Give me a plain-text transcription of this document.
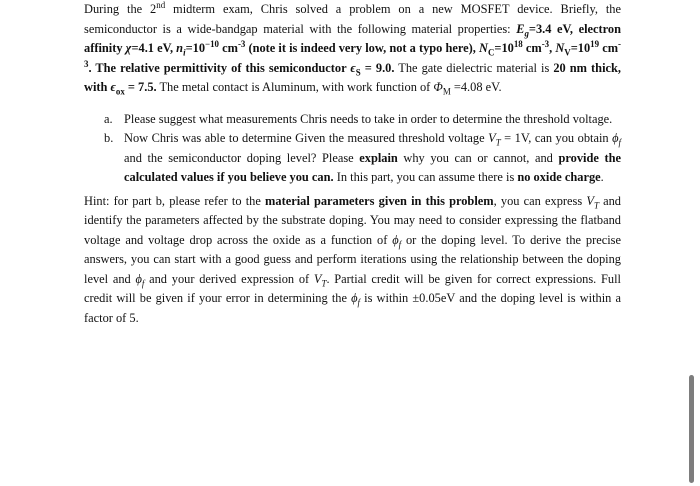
During the 2nd midterm exam, Chris solved a problem on a new MOSFET device. Briefly, the semiconductor is a wide-bandgap material with the following material properties: $E_g=3.4$ eV, electron affinity χ=4.1 eV, $n_i=10^{-10}$ $cm^{-3}$ (note it is indeed very low, not a typo here), $N_C=10^{18}$ $cm^{-3}$, $N_V=10^{19}$ $cm^{-3}$. The relative permittivity of this semiconductor $\epsilon_S = 9.0$. The gate dielectric material is 20 nm thick, with $\epsilon_{ox} = 7.5$. The metal contact is Aluminum, with work function of $\Phi_M =4.08$ eV.

a. Please suggest what measurements Chris needs to take in order to determine the threshold voltage.
b. Now Chris was able to determine Given the measured threshold voltage $V_T = 1V$, can you obtain $\phi_f$ and the semiconductor doping level? Please explain why you can or cannot, and provide the calculated values if you believe you can. In this part, you can assume there is no oxide charge.

Hint: for part b, please refer to the material parameters given in this problem, you can express $V_T$ and identify the parameters affected by the substrate doping. You may need to consider expressing the flatband voltage and voltage drop across the oxide as a function of $\phi_f$ or the doping level. To derive the precise answers, you can start with a good guess and perform iterations using the relationship between the doping level and $\phi_f$ and your derived expression of $V_T$. Partial credit will be given for correct expressions. Full credit will be given if your error in determining the $\phi_f$ is within ±0.05eV and the doping level is within a factor of 5.
